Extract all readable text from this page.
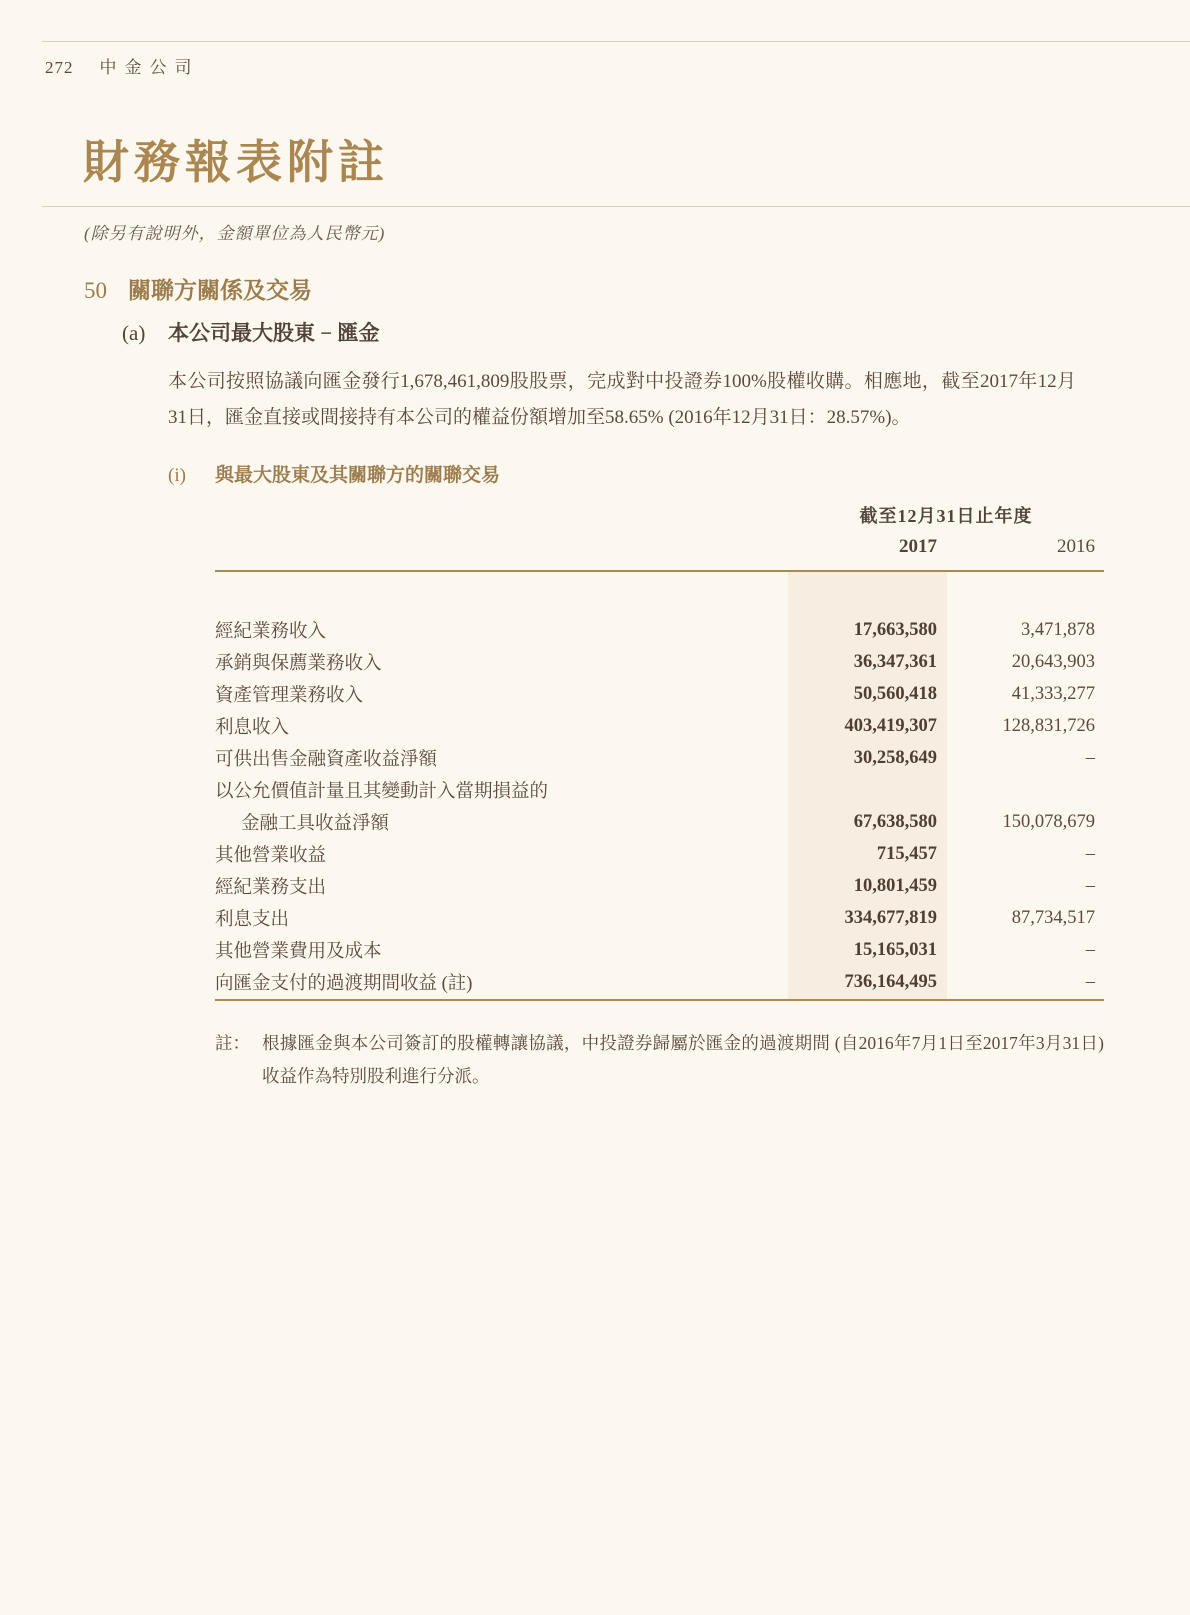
272 中金公司
財務報表附註
(除另有說明外，金額單位為人民幣元)
50 關聯方關係及交易
(a) 本公司最大股東 − 匯金
本公司按照協議向匯金發行1,678,461,809股股票，完成對中投證券100%股權收購。相應地，截至2017年12月31日，匯金直接或間接持有本公司的權益份額增加至58.65% (2016年12月31日：28.57%)。
(i) 與最大股東及其關聯方的關聯交易
截至12月31日止年度
2017	2016
經紀業務收入	17,663,580	3,471,878
承銷與保薦業務收入	36,347,361	20,643,903
資產管理業務收入	50,560,418	41,333,277
利息收入	403,419,307	128,831,726
可供出售金融資產收益淨額	30,258,649	–
以公允價值計量且其變動計入當期損益的
金融工具收益淨額	67,638,580	150,078,679
其他營業收益	715,457	–
經紀業務支出	10,801,459	–
利息支出	334,677,819	87,734,517
其他營業費用及成本	15,165,031	–
向匯金支付的過渡期間收益 (註)	736,164,495	–
註： 根據匯金與本公司簽訂的股權轉讓協議，中投證券歸屬於匯金的過渡期間 (自2016年7月1日至2017年3月31日) 收益作為特別股利進行分派。
